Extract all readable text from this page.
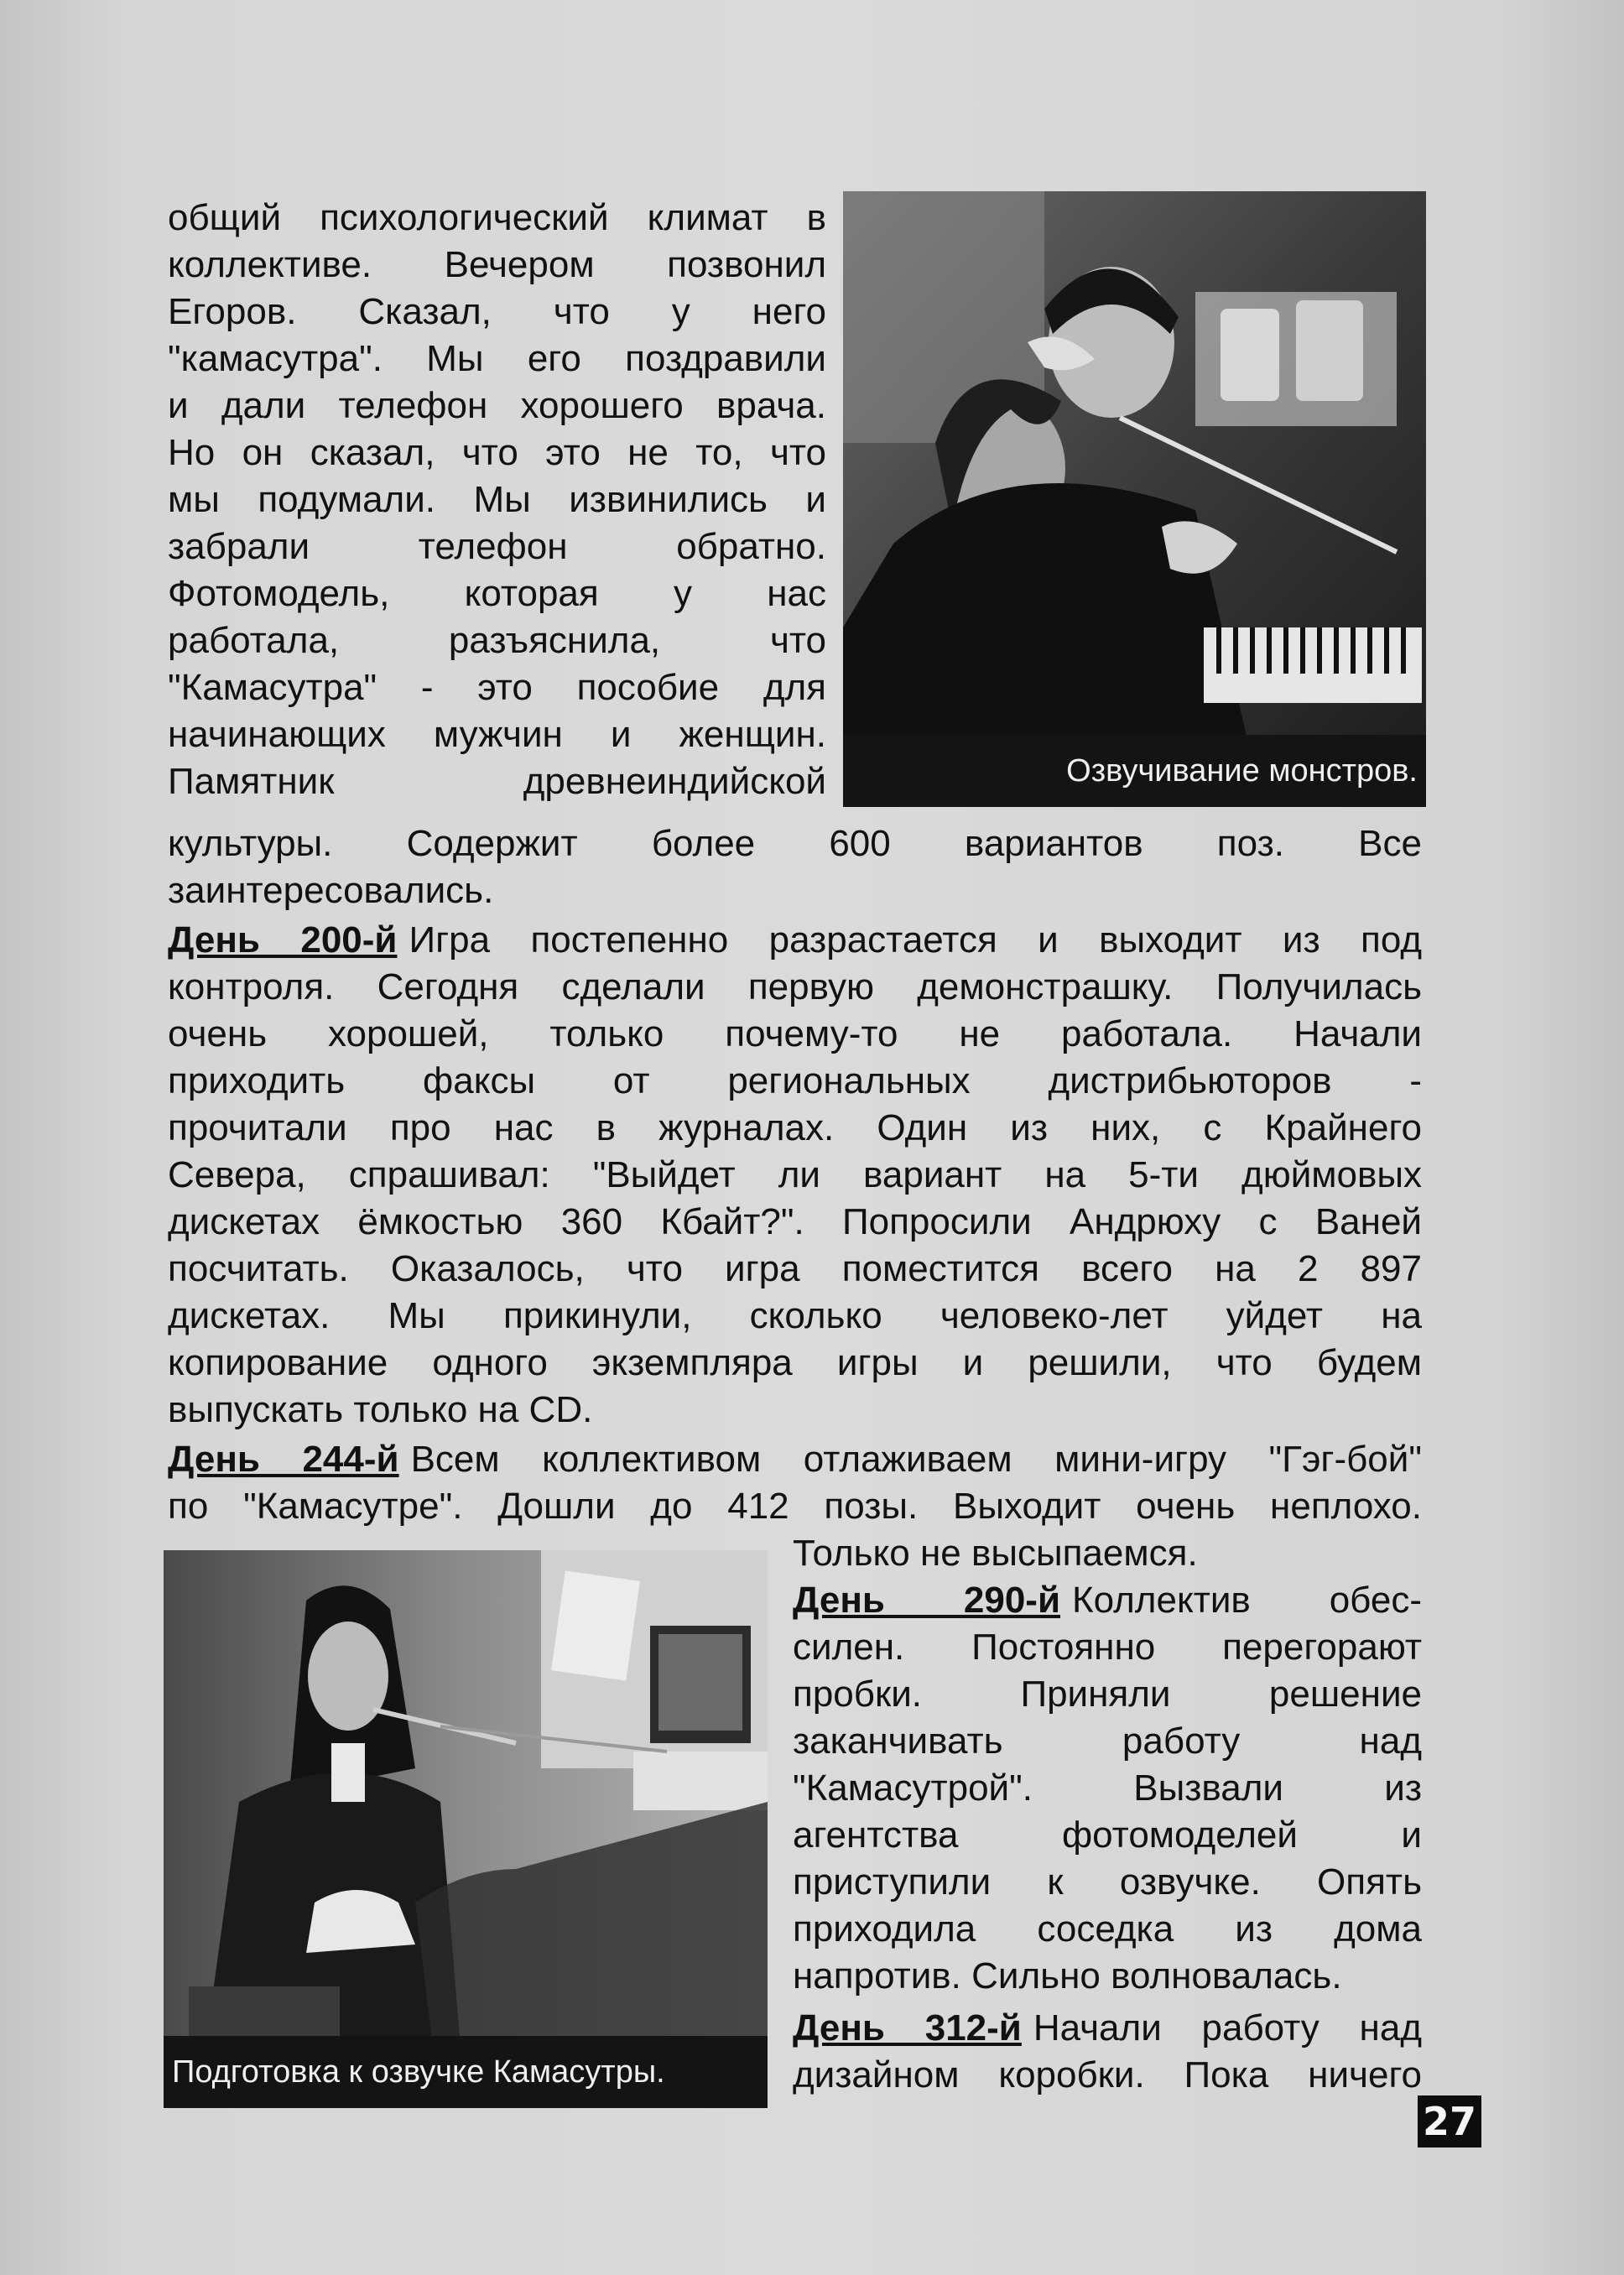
общий психологический климат в
коллективе. Вечером позвонил
Егоров. Сказал, что у него
"камасутра". Мы его поздравили
и дали телефон хорошего врача.
Но он сказал, что это не то, что
мы подумали. Мы извинились и
забрали телефон обратно.
Фотомодель, которая у нас
работала, разъяснила, что
"Камасутра" - это пособие для
начинающих мужчин и женщин.
Памятник древнеиндийской	Озвучивание монстров.
культуры. Содержит более 600 вариантов поз. Все
заинтересовались.
День 200-й Игра постепенно разрастается и выходит из под
контроля. Сегодня сделали первую демонстрашку. Получилась
очень хорошей, только почему-то не работала. Начали
приходить факсы от региональных дистрибьюторов -
прочитали про нас в журналах. Один из них, с Крайнего
Севера, спрашивал: "Выйдет ли вариант на 5-ти дюймовых
дискетах ёмкостью 360 Кбайт?". Попросили Андрюху с Ваней
посчитать. Оказалось, что игра поместится всего на 2 897
дискетах. Мы прикинули, сколько человеко-лет уйдет на
копирование одного экземпляра игры и решили, что будем
выпускать только на CD.
День 244-й Всем коллективом отлаживаем мини-игру "Гэг-бой"
по "Камасутре". Дошли до 412 позы. Выходит очень неплохо.
Только не высыпаемся.
Подготовка к озвучке Камасутры.
День 290-й Коллектив обес-
силен. Постоянно перегорают
пробки. Приняли решение
заканчивать работу над
"Камасутрой". Вызвали из
агентства фотомоделей и
приступили к озвучке. Опять
приходила соседка из дома
напротив. Сильно волновалась.
День 312-й Начали работу над
дизайном коробки. Пока ничего
27
